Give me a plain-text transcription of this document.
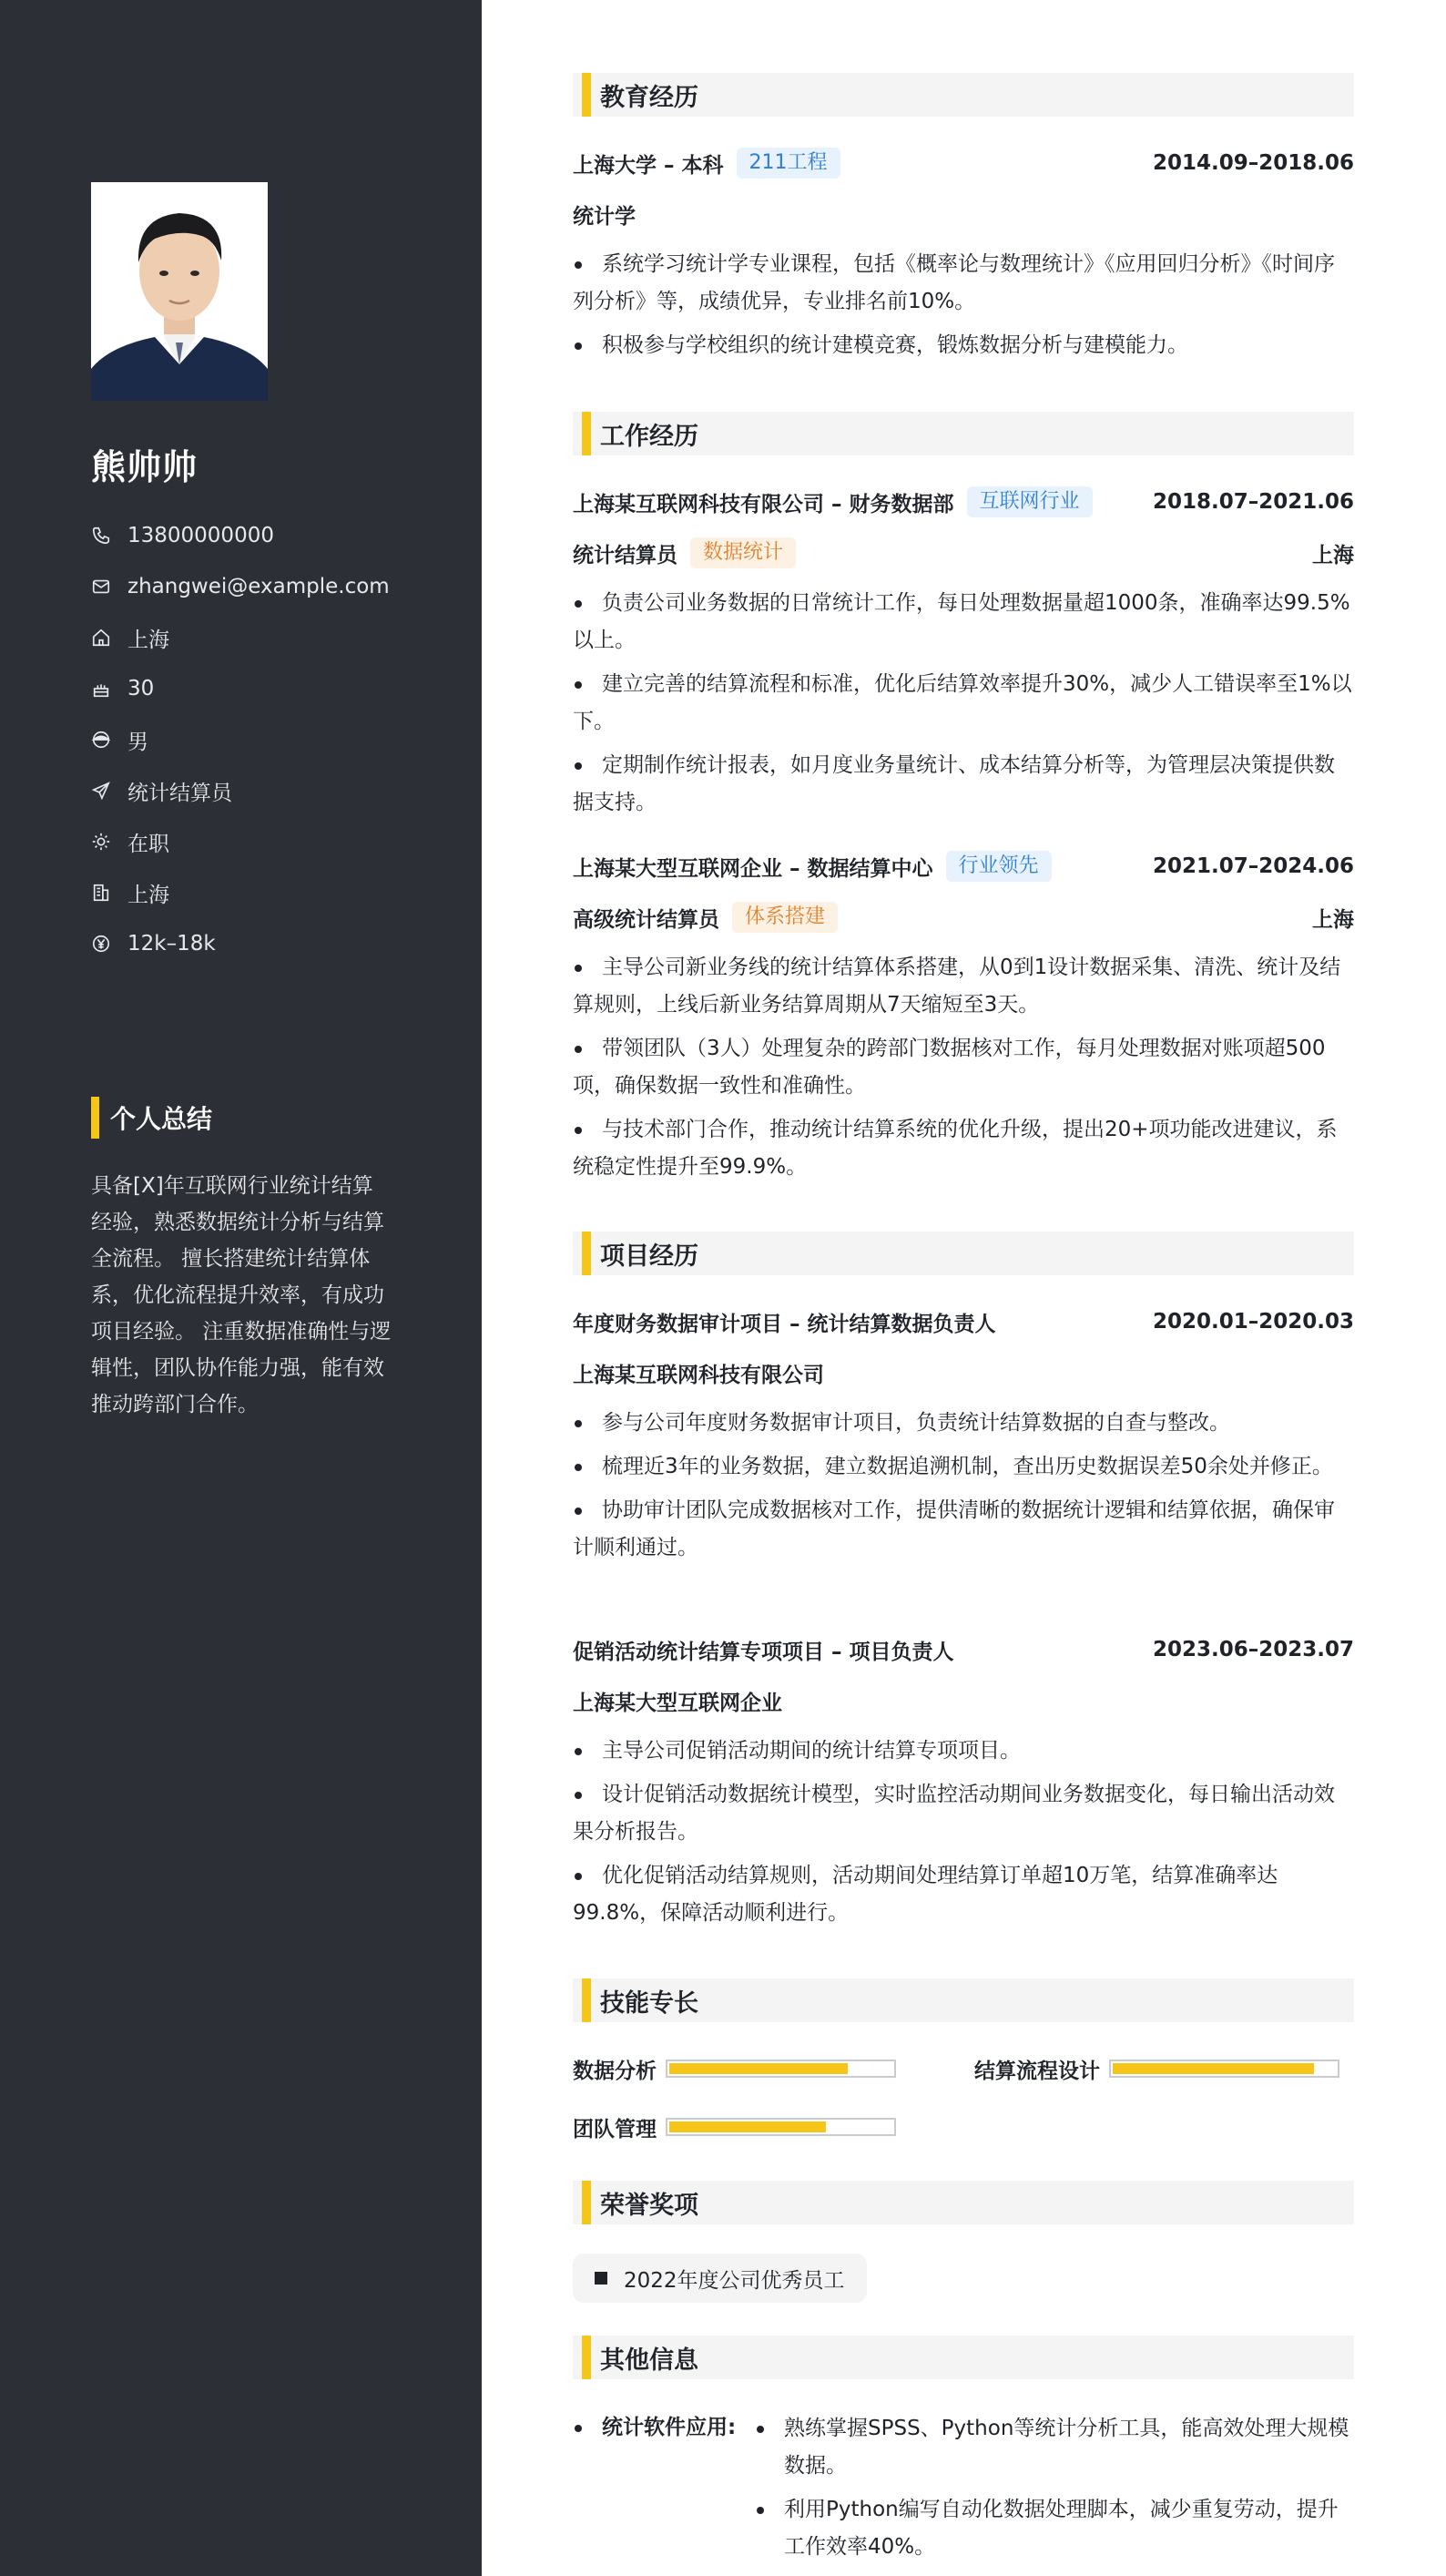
熊帅帅
13800000000
zhangwei@example.com
上海
30
男
统计结算员
在职
上海
12k–18k
个人总结
具备[X]年互联网行业统计结算经验，熟悉数据统计分析与结算全流程。 擅长搭建统计结算体系，优化流程提升效率，有成功项目经验。 注重数据准确性与逻辑性，团队协作能力强，能有效推动跨部门合作。
教育经历
上海大学 – 本科	211工程	2014.09–2018.06
统计学
系统学习统计学专业课程，包括《概率论与数理统计》《应用回归分析》《时间序列分析》等，成绩优异，专业排名前10%。
积极参与学校组织的统计建模竞赛，锻炼数据分析与建模能力。
工作经历
上海某互联网科技有限公司 – 财务数据部	互联网行业	2018.07–2021.06
统计结算员	数据统计	上海
负责公司业务数据的日常统计工作，每日处理数据量超1000条，准确率达99.5%以上。
建立完善的结算流程和标准，优化后结算效率提升30%，减少人工错误率至1%以下。
定期制作统计报表，如月度业务量统计、成本结算分析等，为管理层决策提供数据支持。
上海某大型互联网企业 – 数据结算中心	行业领先	2021.07–2024.06
高级统计结算员	体系搭建	上海
主导公司新业务线的统计结算体系搭建，从0到1设计数据采集、清洗、统计及结算规则，上线后新业务结算周期从7天缩短至3天。
带领团队（3人）处理复杂的跨部门数据核对工作，每月处理数据对账项超500项，确保数据一致性和准确性。
与技术部门合作，推动统计结算系统的优化升级，提出20+项功能改进建议，系统稳定性提升至99.9%。
项目经历
年度财务数据审计项目 – 统计结算数据负责人	2020.01–2020.03
上海某互联网科技有限公司
参与公司年度财务数据审计项目，负责统计结算数据的自查与整改。
梳理近3年的业务数据，建立数据追溯机制，查出历史数据误差50余处并修正。
协助审计团队完成数据核对工作，提供清晰的数据统计逻辑和结算依据，确保审计顺利通过。
促销活动统计结算专项项目 – 项目负责人	2023.06–2023.07
上海某大型互联网企业
主导公司促销活动期间的统计结算专项项目。
设计促销活动数据统计模型，实时监控活动期间业务数据变化，每日输出活动效果分析报告。
优化促销活动结算规则，活动期间处理结算订单超10万笔，结算准确率达99.8%，保障活动顺利进行。
技能专长
数据分析	结算流程设计
团队管理
荣誉奖项
2022年度公司优秀员工
其他信息
统计软件应用:	熟练掌握SPSS、Python等统计分析工具，能高效处理大规模数据。
利用Python编写自动化数据处理脚本，减少重复劳动，提升工作效率40%。
